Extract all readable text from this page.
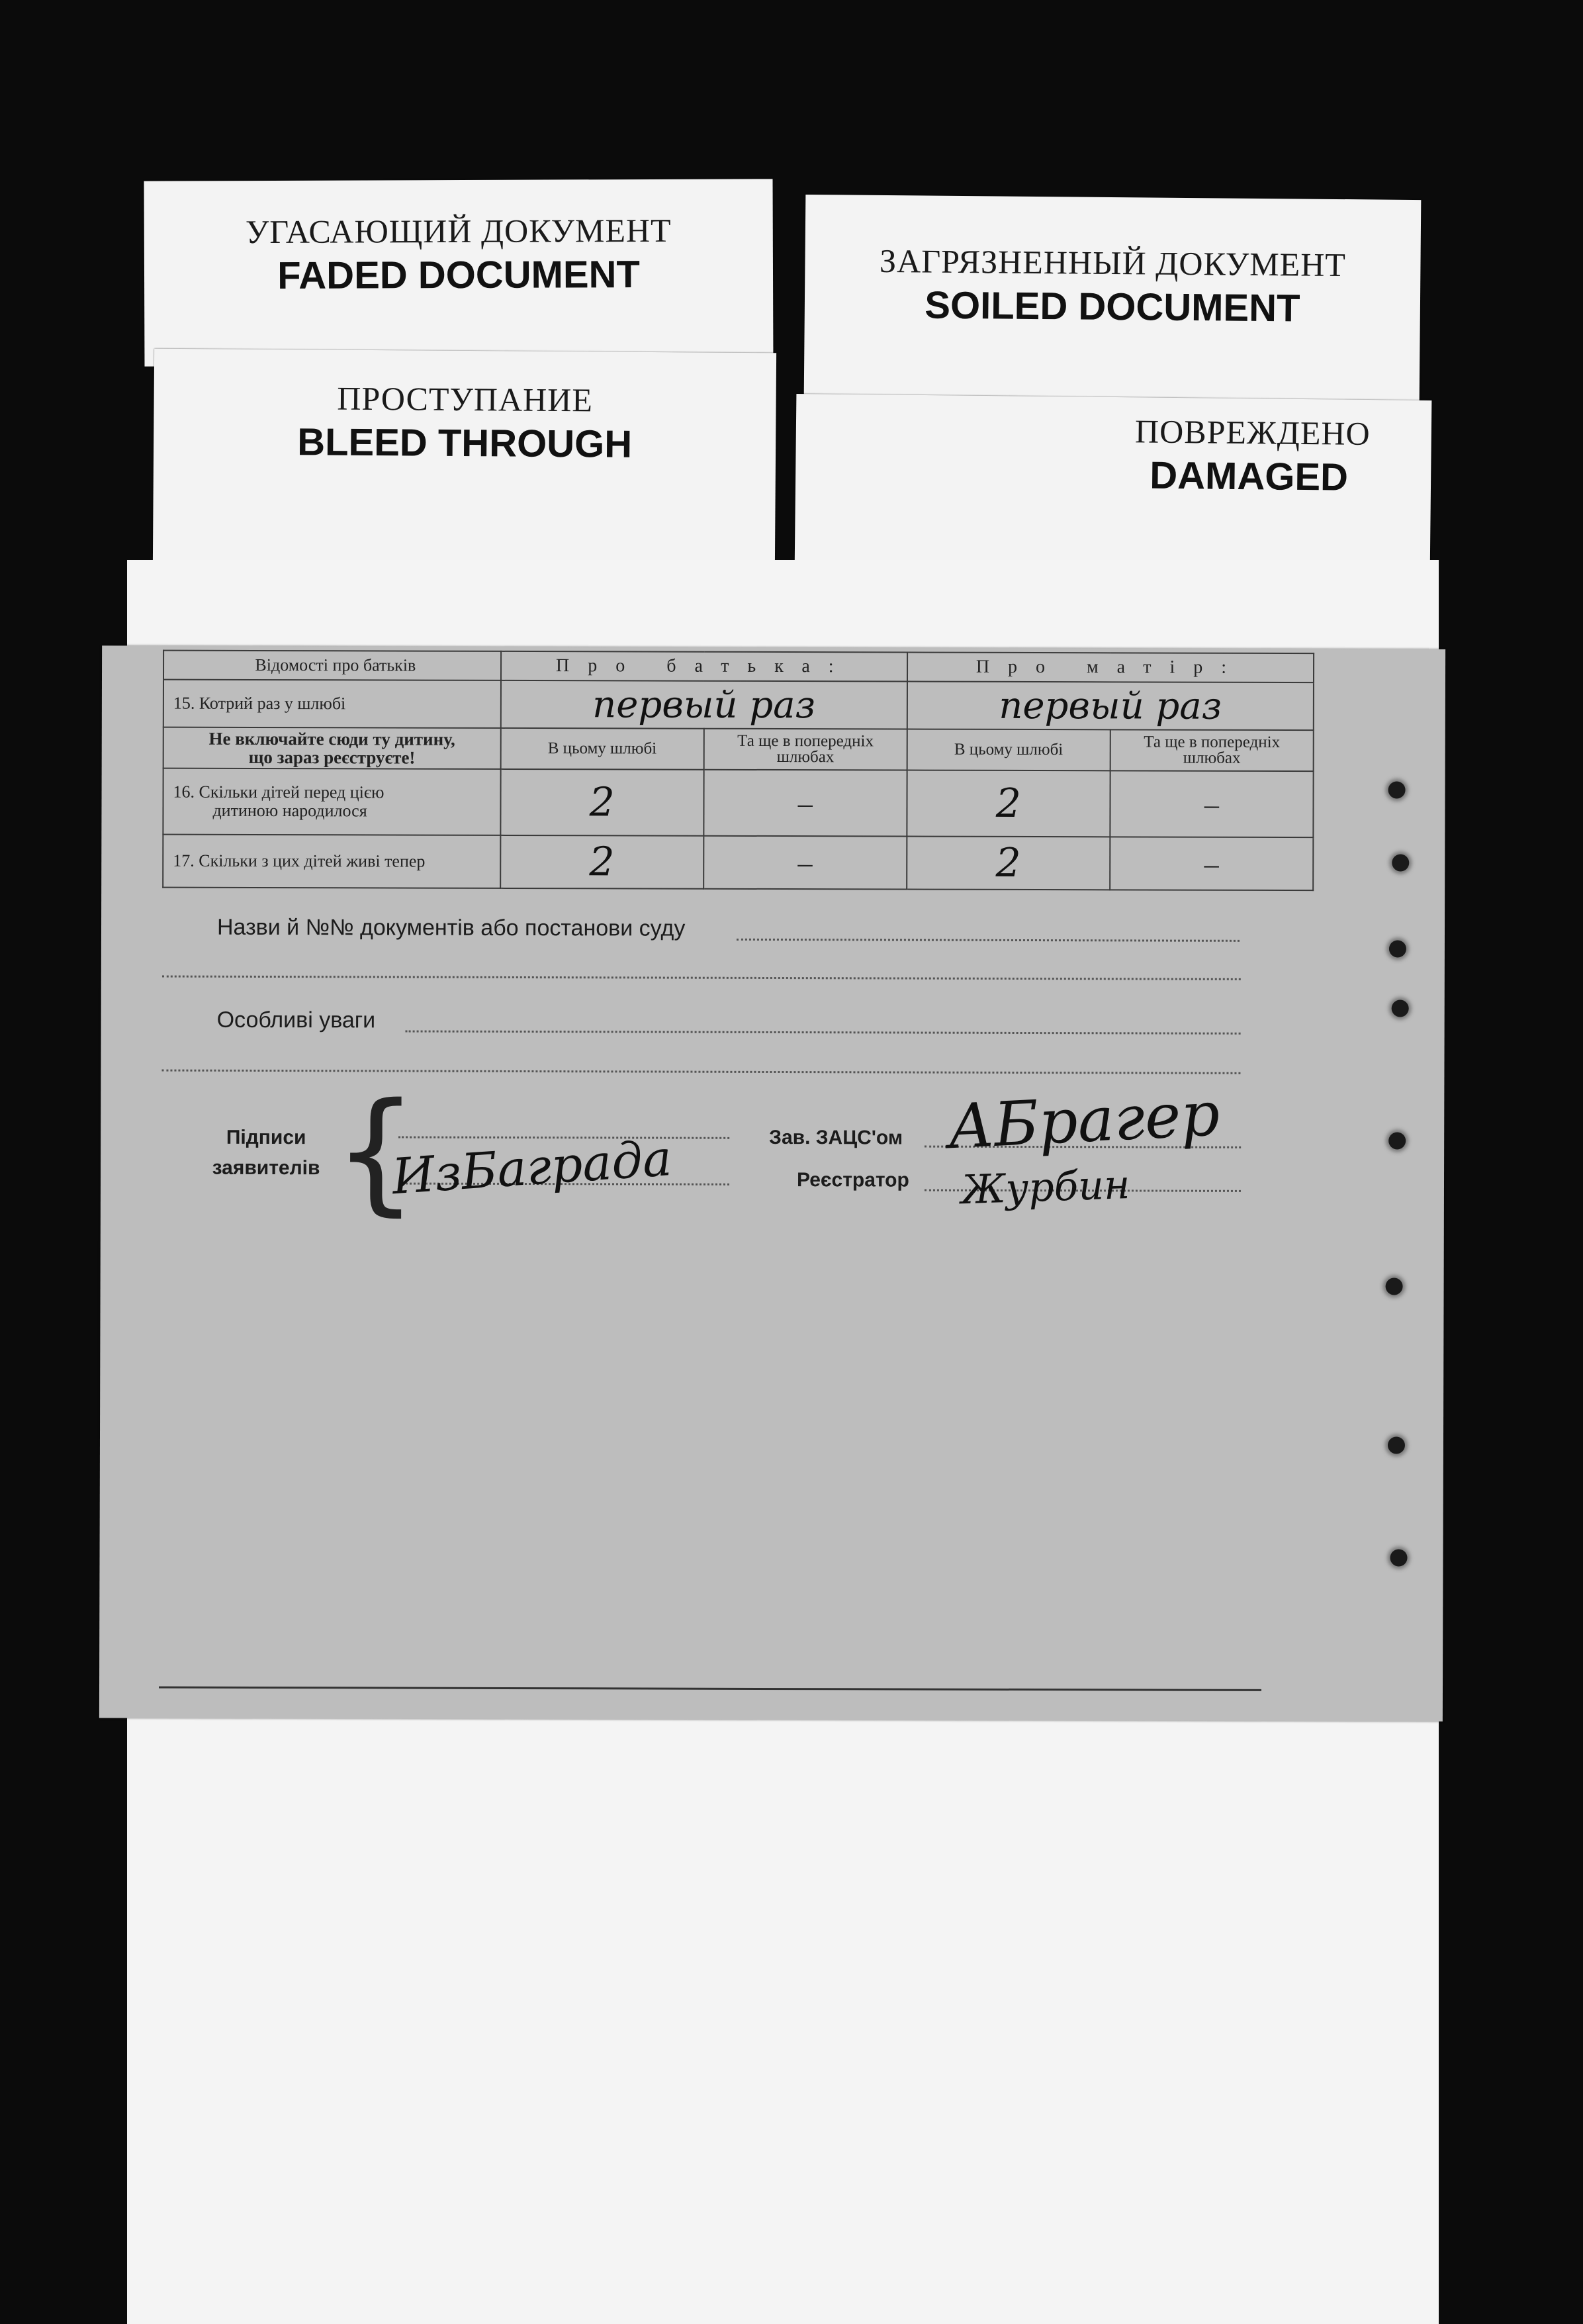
УГАСАЮЩИЙ ДОКУМЕНТ
FADED DOCUMENT	ЗАГРЯЗНЕННЫЙ ДОКУМЕНТ
SOILED DOCUMENT
ПРОСТУПАНИЕ
BLEED THROUGH	ПОВРЕЖДЕНО
DAMAGED
Відомості про батьків	Про батька:		Про матір:	
15. Котрий раз у шлюбі	первый раз		первый раз	

Не включайте сюди ту дитину,
що зараз реєструєте!	В цьому шлюбі	Та ще в попередніх шлюбах	В цьому шлюбі	Та ще в попередніх шлюбах

16. Скільки дітей перед цією
дитиною народилося	2	–	2	–
17. Скільки з цих дітей живі тепер	2	–	2	–
Назви й №№ документів або постанови суду
Особливі уваги
Підписи
заявителів {
ИзБаграда	Зав. ЗАЦС'ом АБрагер
Реєстратор Журбин
